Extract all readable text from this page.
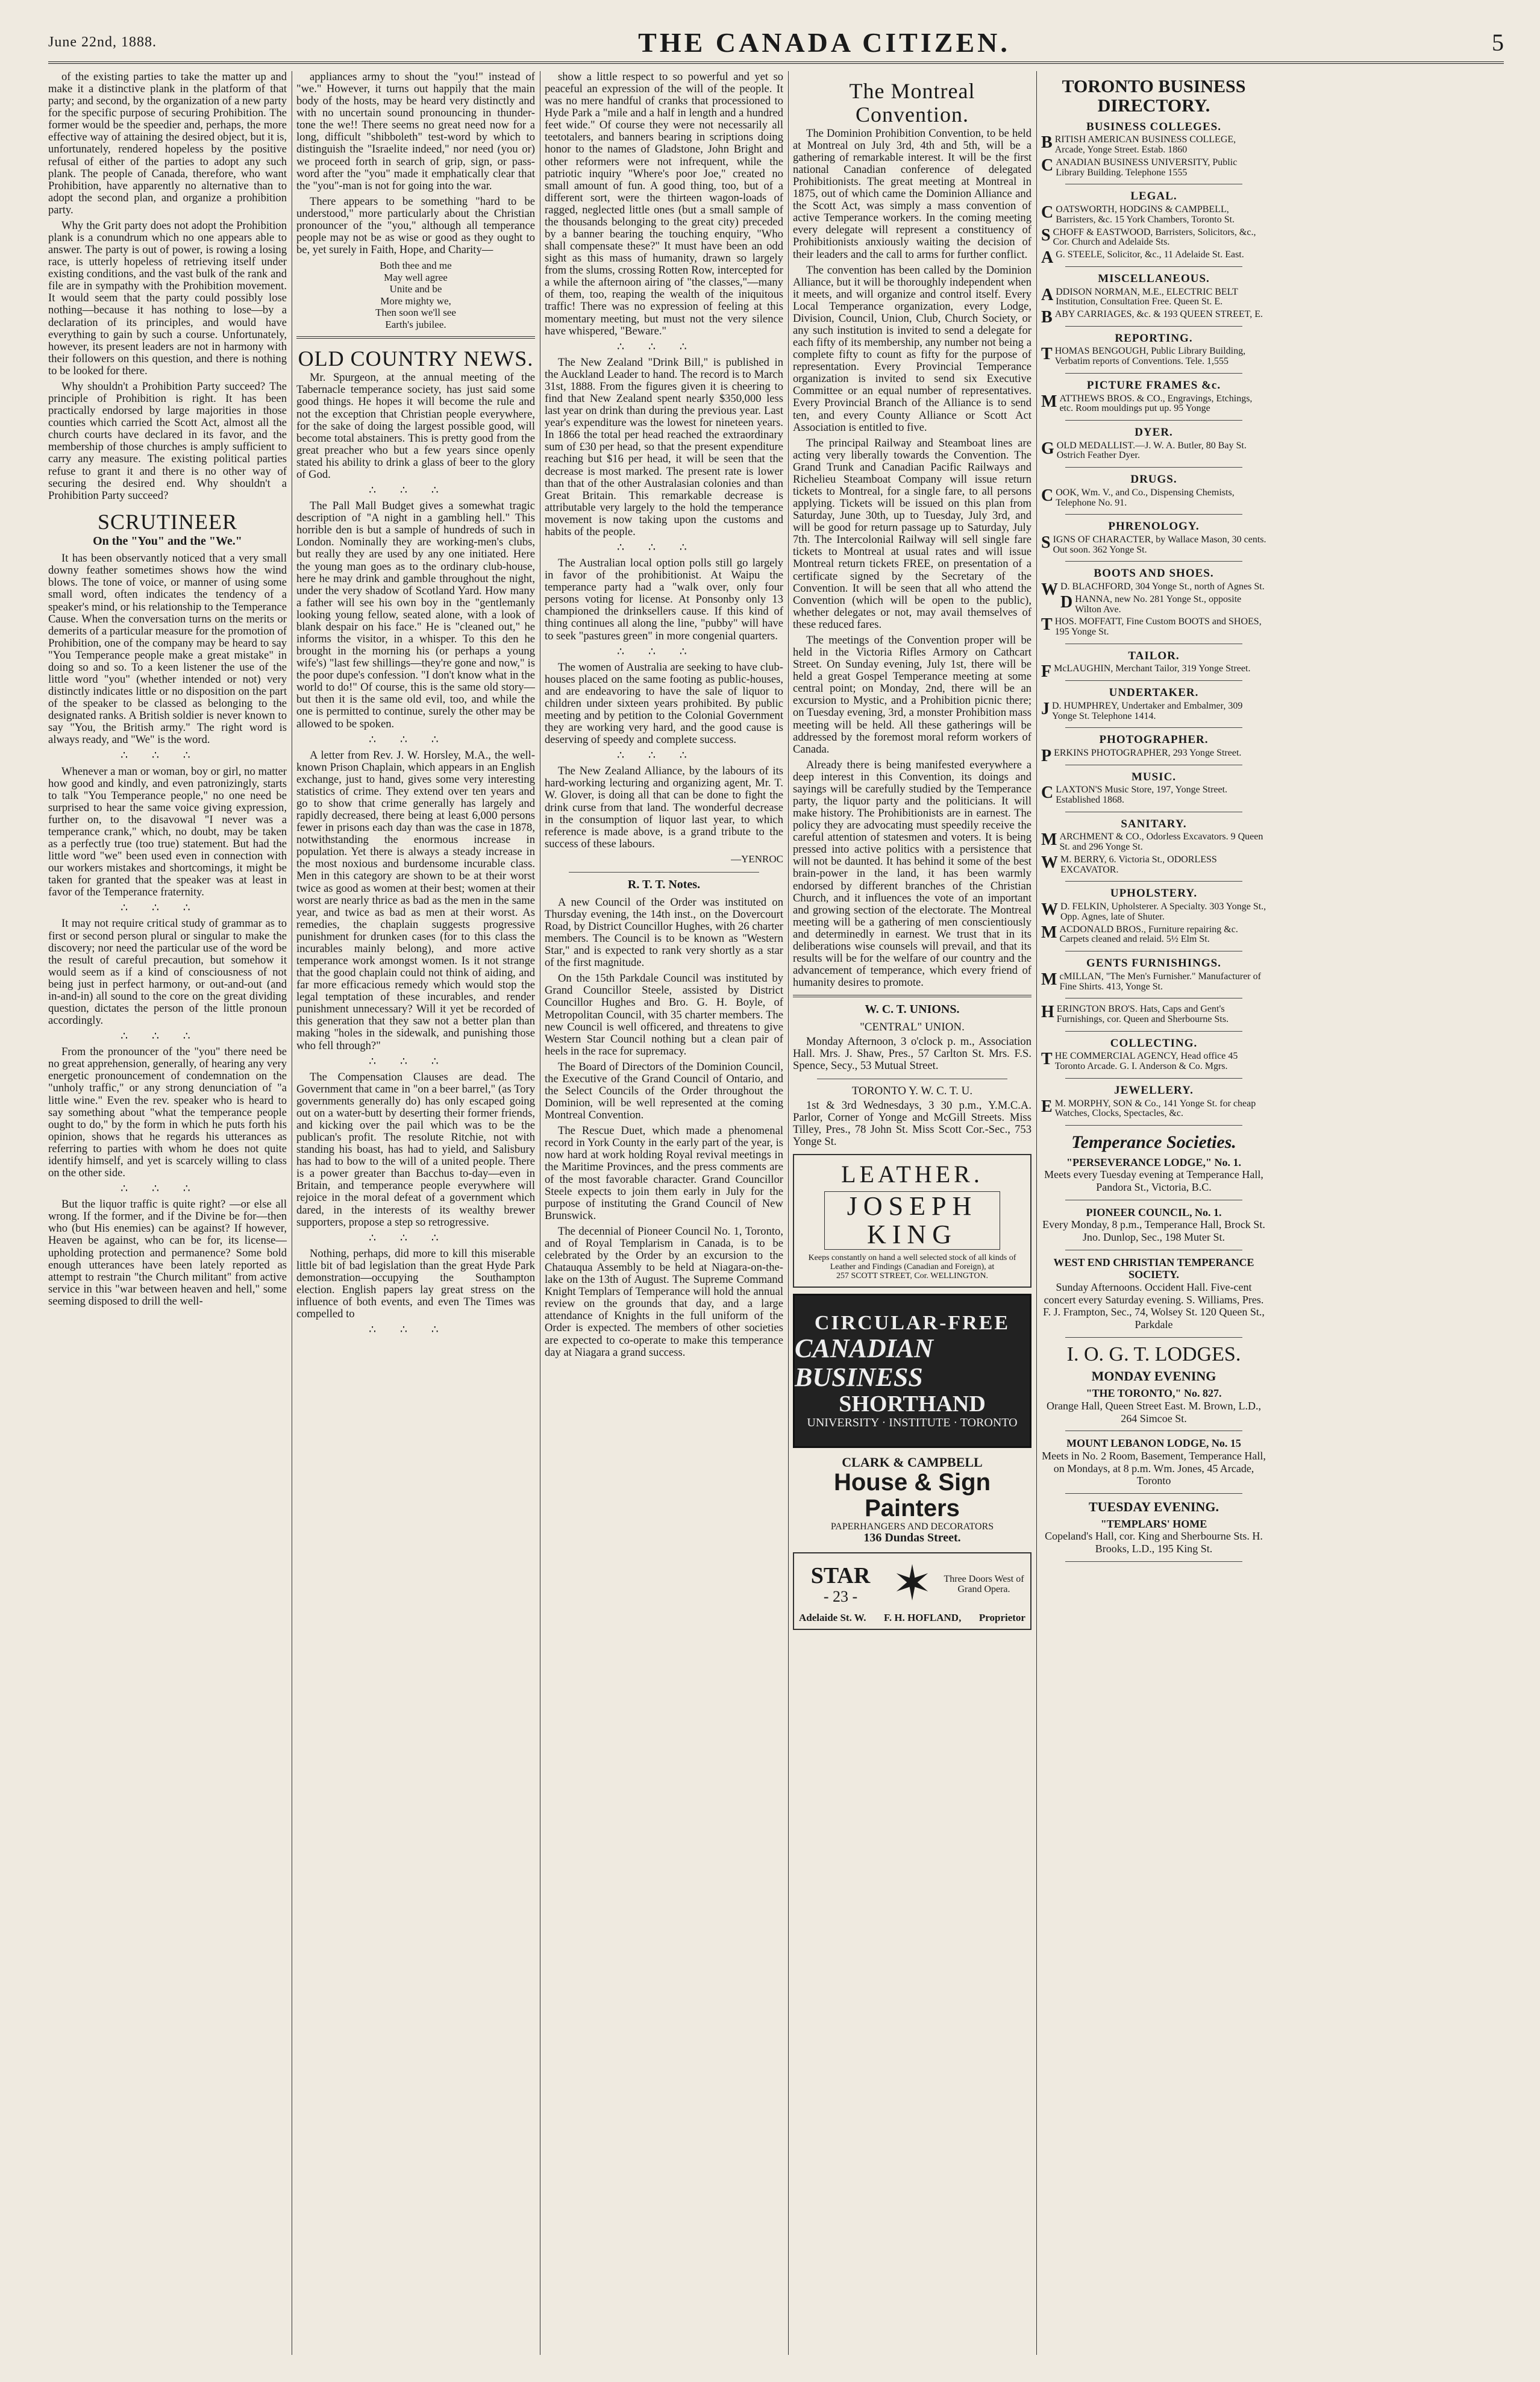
June 22nd, 1888.	THE CANADA CITIZEN.	5

of the existing parties to take the matter up and make it a distinctive plank in the platform of that party; and second, by the organization of a new party for the specific purpose of securing Prohibition. The former would be the speedier and, perhaps, the more effective way of attaining the desired object, but it is, unfortunately, rendered hopeless by the positive refusal of either of the parties to adopt any such plank. The people of Canada, therefore, who want Prohibition, have apparently no alternative than to adopt the second plan, and organize a prohibition party.

Why the Grit party does not adopt the Prohibition plank is a conundrum which no one appears able to answer. The party is out of power, is rowing a losing race, is utterly hopeless of retrieving itself under existing conditions, and the vast bulk of the rank and file are in sympathy with the Prohibition movement. It would seem that the party could possibly lose nothing—because it has nothing to lose—by a declaration of its principles, and would have everything to gain by such a course. Unfortunately, however, its present leaders are not in harmony with their followers on this question, and there is nothing to be looked for there.

Why shouldn't a Prohibition Party succeed? The principle of Prohibition is right. It has been practically endorsed by large majorities in those counties which carried the Scott Act, almost all the church courts have declared in its favor, and the membership of those churches is amply sufficient to carry any measure. The existing political parties refuse to grant it and there is no other way of securing the desired end. Why shouldn't a Prohibition Party succeed?

SCRUTINEER
On the "You" and the "We."

It has been observantly noticed that a very small downy feather sometimes shows how the wind blows. The tone of voice, or manner of using some small word, often indicates the tendency of a speaker's mind, or his relationship to the Temperance Cause. When the conversation turns on the merits or demerits of a particular measure for the promotion of Prohibition, one of the company may be heard to say "You Temperance people make a great mistake" in doing so and so. To a keen listener the use of the little word "you" (whether intended or not) very distinctly indicates little or no disposition on the part of the speaker to be classed as belonging to the designated ranks. A British soldier is never known to say "You, the British army." The right word is always ready, and "We" is the word.

∴∴∴

Whenever a man or woman, boy or girl, no matter how good and kindly, and even patronizingly, starts to talk "You Temperance people," no one need be surprised to hear the same voice giving expression, further on, to the disavowal "I never was a temperance crank," which, no doubt, may be taken as a perfectly true (too true) statement. But had the little word "we" been used even in connection with our workers mistakes and shortcomings, it might be taken for granted that the speaker was at least in favor of the Temperance fraternity.

∴∴∴

It may not require critical study of grammar as to first or second person plural or singular to make the discovery; nor need the particular use of the word be the result of careful precaution, but somehow it would seem as if a kind of consciousness of not being just in perfect harmony, or out-and-out (and in-and-in) all sound to the core on the great dividing question, dictates the person of the little pronoun accordingly.

∴∴∴

From the pronouncer of the "you" there need be no great apprehension, generally, of hearing any very energetic pronouncement of condemnation on the "unholy traffic," or any strong denunciation of "a little wine." Even the rev. speaker who is heard to say something about "what the temperance people ought to do," by the form in which he puts forth his opinion, shows that he regards his utterances as referring to parties with whom he does not quite identify himself, and yet is scarcely willing to class on the other side.

∴∴∴

But the liquor traffic is quite right? —or else all wrong. If the former, and if the Divine be for—then who (but His enemies) can be against? If however, Heaven be against, who can be for, its license—upholding protection and permanence? Some bold enough utterances have been lately reported as attempt to restrain "the Church militant" from active service in this "war between heaven and hell," some seeming disposed to drill the well-

appliances army to shout the "you!" instead of "we." However, it turns out happily that the main body of the hosts, may be heard very distinctly and with no uncertain sound pronouncing in thunder-tone the we!! There seems no great need now for a long, difficult "shibboleth" test-word by which to distinguish the "Israelite indeed," nor need (you or) we proceed forth in search of grip, sign, or pass-word after the "you" made it emphatically clear that the "you"-man is not for going into the war.

There appears to be something "hard to be understood," more particularly about the Christian pronouncer of the "you," although all temperance people may not be as wise or good as they ought to be, yet surely in Faith, Hope, and Charity—

Both thee and me
May well agree
Unite and be
More mighty we,
Then soon we'll see
Earth's jubilee.
OLD COUNTRY NEWS.

Mr. Spurgeon, at the annual meeting of the Tabernacle temperance society, has just said some good things. He hopes it will become the rule and not the exception that Christian people everywhere, for the sake of doing the largest possible good, will become total abstainers. This is pretty good from the great preacher who but a few years since openly stated his ability to drink a glass of beer to the glory of God.

∴∴∴

The Pall Mall Budget gives a somewhat tragic description of "A night in a gambling hell." This horrible den is but a sample of hundreds of such in London. Nominally they are working-men's clubs, but really they are used by any one initiated. Here the young man goes as to the ordinary club-house, here he may drink and gamble throughout the night, under the very shadow of Scotland Yard. How many a father will see his own boy in the "gentlemanly looking young fellow, seated alone, with a look of blank despair on his face." He is "cleaned out," he informs the visitor, in a whisper. To this den he brought in the morning his (or perhaps a young wife's) "last few shillings—they're gone and now," is the poor dupe's confession. "I don't know what in the world to do!" Of course, this is the same old story—but then it is the same old evil, too, and while the one is permitted to continue, surely the other may be allowed to be spoken.

∴∴∴

A letter from Rev. J. W. Horsley, M.A., the well-known Prison Chaplain, which appears in an English exchange, just to hand, gives some very interesting statistics of crime. They extend over ten years and go to show that crime generally has largely and rapidly decreased, there being at least 6,000 persons fewer in prisons each day than was the case in 1878, notwithstanding the enormous increase in population. Yet there is always a steady increase in the most noxious and burdensome incurable class. Men in this category are shown to be at their worst twice as good as women at their best; women at their worst are nearly thrice as bad as the men in the same year, and twice as bad as men at their worst. As remedies, the chaplain suggests progressive punishment for drunken cases (for to this class the incurables mainly belong), and more active temperance work amongst women. Is it not strange that the good chaplain could not think of aiding, and far more efficacious remedy which would stop the legal temptation of these incurables, and render punishment unnecessary? Will it yet be recorded of this generation that they saw not a better plan than making "holes in the sidewalk, and punishing those who fell through?"

∴∴∴

The Compensation Clauses are dead. The Government that came in "on a beer barrel," (as Tory governments generally do) has only escaped going out on a water-butt by deserting their former friends, and kicking over the pail which was to be the publican's profit. The resolute Ritchie, not with standing his boast, has had to yield, and Salisbury has had to bow to the will of a united people. There is a power greater than Bacchus to-day—even in Britain, and temperance people everywhere will rejoice in the moral defeat of a government which dared, in the interests of its wealthy brewer supporters, propose a step so retrogressive.

∴∴∴

Nothing, perhaps, did more to kill this miserable little bit of bad legislation than the great Hyde Park demonstration—occupying the Southampton election. English papers lay great stress on the influence of both events, and even The Times was compelled to

∴∴∴

show a little respect to so powerful and yet so peaceful an expression of the will of the people. It was no mere handful of cranks that processioned to Hyde Park a "mile and a half in length and a hundred feet wide." Of course they were not necessarily all teetotalers, and banners bearing in scriptions doing honor to the names of Gladstone, John Bright and other reformers were not infrequent, while the patriotic inquiry "Where's poor Joe," created no small amount of fun. A good thing, too, but of a different sort, were the thirteen wagon-loads of ragged, neglected little ones (but a small sample of the thousands belonging to the great city) preceded by a banner bearing the touching enquiry, "Who shall compensate these?" It must have been an odd sight as this mass of humanity, drawn so largely from the slums, crossing Rotten Row, intercepted for a while the afternoon airing of "the classes,"—many of them, too, reaping the wealth of the iniquitous traffic! There was no expression of feeling at this momentary meeting, but must not the very silence have whispered, "Beware."

∴∴∴

The New Zealand "Drink Bill," is published in the Auckland Leader to hand. The record is to March 31st, 1888. From the figures given it is cheering to find that New Zealand spent nearly $350,000 less last year on drink than during the previous year. Last year's expenditure was the lowest for nineteen years. In 1866 the total per head reached the extraordinary sum of £30 per head, so that the present expenditure reaching but $16 per head, it will be seen that the decrease is most marked. The present rate is lower than that of the other Australasian colonies and than Great Britain. This remarkable decrease is attributable very largely to the hold the temperance movement is now taking upon the customs and habits of the people.

∴∴∴

The Australian local option polls still go largely in favor of the prohibitionist. At Waipu the temperance party had a "walk over, only four persons voting for license. At Ponsonby only 13 championed the drinksellers cause. If this kind of thing continues all along the line, "pubby" will have to seek "pastures green" in more congenial quarters.

∴∴∴

The women of Australia are seeking to have club-houses placed on the same footing as public-houses, and are endeavoring to have the sale of liquor to children under sixteen years prohibited. By public meeting and by petition to the Colonial Government they are working very hard, and the good cause is deserving of speedy and complete success.

∴∴∴

The New Zealand Alliance, by the labours of its hard-working lecturing and organizing agent, Mr. T. W. Glover, is doing all that can be done to fight the drink curse from that land. The wonderful decrease in the consumption of liquor last year, to which reference is made above, is a grand tribute to the success of these labours.

—YENROC
R. T. T. Notes.

A new Council of the Order was instituted on Thursday evening, the 14th inst., on the Dovercourt Road, by District Councillor Hughes, with 26 charter members. The Council is to be known as "Western Star," and is expected to rank very shortly as a star of the first magnitude.

On the 15th Parkdale Council was instituted by Grand Councillor Steele, assisted by District Councillor Hughes and Bro. G. H. Boyle, of Metropolitan Council, with 35 charter members. The new Council is well officered, and threatens to give Western Star Council nothing but a clean pair of heels in the race for supremacy.

The Board of Directors of the Dominion Council, the Executive of the Grand Council of Ontario, and the Select Councils of the Order throughout the Dominion, will be well represented at the coming Montreal Convention.

The Rescue Duet, which made a phenomenal record in York County in the early part of the year, is now hard at work holding Royal revival meetings in the Maritime Provinces, and the press comments are of the most favorable character. Grand Councillor Steele expects to join them early in July for the purpose of instituting the Grand Council of New Brunswick.

The decennial of Pioneer Council No. 1, Toronto, and of Royal Templarism in Canada, is to be celebrated by the Order by an excursion to the Chatauqua Assembly to be held at Niagara-on-the-lake on the 13th of August. The Supreme Command Knight Templars of Temperance will hold the annual review on the grounds that day, and a large attendance of Knights in the full uniform of the Order is expected. The members of other societies are expected to co-operate to make this temperance day at Niagara a grand success.

The Montreal Convention.

The Dominion Prohibition Convention, to be held at Montreal on July 3rd, 4th and 5th, will be a gathering of remarkable interest. It will be the first national Canadian conference of delegated Prohibitionists. The great meeting at Montreal in 1875, out of which came the Dominion Alliance and the Scott Act, was simply a mass convention of active Temperance workers. In the coming meeting every delegate will represent a constituency of Prohibitionists anxiously waiting the decision of their leaders and the call to arms for further conflict.

The convention has been called by the Dominion Alliance, but it will be thoroughly independent when it meets, and will organize and control itself. Every Local Temperance organization, every Lodge, Division, Council, Union, Club, Church Society, or any such institution is invited to send a delegate for each fifty of its membership, any number not being a complete fifty to count as fifty for the purpose of representation. Every Provincial Temperance organization is invited to send six Executive Committee or an equal number of representatives. Every Provincial Branch of the Alliance is to send ten, and every County Alliance or Scott Act Association is entitled to five.

The principal Railway and Steamboat lines are acting very liberally towards the Convention. The Grand Trunk and Canadian Pacific Railways and Richelieu Steamboat Company will issue return tickets to Montreal, for a single fare, to all persons applying. Tickets will be issued on this plan from Saturday, June 30th, up to Tuesday, July 3rd, and will be good for return passage up to Saturday, July 7th. The Intercolonial Railway will sell single fare tickets to Montreal at usual rates and will issue Montreal return tickets FREE, on presentation of a certificate signed by the Secretary of the Convention. It will be seen that all who attend the Convention (which will be open to the public), whether delegates or not, may avail themselves of these reduced fares.

The meetings of the Convention proper will be held in the Victoria Rifles Armory on Cathcart Street. On Sunday evening, July 1st, there will be held a great Gospel Temperance meeting at some central point; on Monday, 2nd, there will be an excursion to Mystic, and a Prohibition picnic there; on Tuesday evening, 3rd, a monster Prohibition mass meeting will be held. All these gatherings will be addressed by the foremost moral reform workers of Canada.

Already there is being manifested everywhere a deep interest in this Convention, its doings and sayings will be carefully studied by the Temperance party, the liquor party and the politicians. It will make history. The Prohibitionists are in earnest. The policy they are advocating must speedily receive the careful attention of statesmen and voters. It is being pressed into active politics with a persistence that will not be daunted. It has behind it some of the best brain-power in the land, it has been warmly endorsed by different branches of the Christian Church, and it influences the vote of an important and growing section of the electorate. The Montreal meeting will be a gathering of men conscientiously and determinedly in earnest. We trust that in its deliberations wise counsels will prevail, and that its results will be for the welfare of our country and the advancement of temperance, which every friend of humanity desires to promote.

W. C. T. UNIONS.
"CENTRAL" UNION.

Monday Afternoon, 3 o'clock p. m., Association Hall. Mrs. J. Shaw, Pres., 57 Carlton St. Mrs. F.S. Spence, Secy., 53 Mutual Street.

TORONTO Y. W. C. T. U.

1st & 3rd Wednesdays, 3 30 p.m., Y.M.C.A. Parlor, Corner of Yonge and McGill Streets. Miss Tilley, Pres., 78 John St. Miss Scott Cor.-Sec., 753 Yonge St.

LEATHER.
JOSEPH KING
Keeps constantly on hand a well selected stock of all kinds of Leather and Findings (Canadian and Foreign), at
257 SCOTT STREET, Cor. WELLINGTON.
CIRCULAR-FREE
CANADIAN BUSINESS
SHORTHAND
UNIVERSITY · INSTITUTE · TORONTO
CLARK & CAMPBELL
House & Sign Painters
PAPERHANGERS AND DECORATORS
136 Dundas Street.
STAR
- 23 - ✶	Three Doors West of Grand Opera.
Adelaide St. W. F. H. HOFLAND, Proprietor
TORONTO BUSINESS DIRECTORY.
BUSINESS COLLEGES.
BRITISH AMERICAN BUSINESS COLLEGE, Arcade, Yonge Street. Estab. 1860
CANADIAN BUSINESS UNIVERSITY, Public Library Building. Telephone 1555
LEGAL.
COATSWORTH, HODGINS & CAMPBELL, Barristers, &c. 15 York Chambers, Toronto St.
SCHOFF & EASTWOOD, Barristers, Solicitors, &c., Cor. Church and Adelaide Sts.
A G. STEELE, Solicitor, &c., 11 Adelaide St. East.
MISCELLANEOUS.
ADDISON NORMAN, M.E., ELECTRIC BELT Institution, Consultation Free. Queen St. E.
BABY CARRIAGES, &c. & 193 QUEEN STREET, E.
REPORTING.
THOMAS BENGOUGH, Public Library Building, Verbatim reports of Conventions. Tele. 1,555
PICTURE FRAMES &c.
MATTHEWS BROS. & CO., Engravings, Etchings, etc. Room mouldings put up. 95 Yonge
DYER.
GOLD MEDALLIST.—J. W. A. Butler, 80 Bay St. Ostrich Feather Dyer.
DRUGS.
COOK, Wm. V., and Co., Dispensing Chemists, Telephone No. 91.
PHRENOLOGY.
SIGNS OF CHARACTER, by Wallace Mason, 30 cents. Out soon. 362 Yonge St.
BOOTS AND SHOES.
W D. BLACHFORD, 304 Yonge St., north of Agnes St.
DHANNA, new No. 281 Yonge St., opposite Wilton Ave.
THOS. MOFFATT, Fine Custom BOOTS and SHOES, 195 Yonge St.
TAILOR.
F McLAUGHIN, Merchant Tailor, 319 Yonge Street.
UNDERTAKER.
J D. HUMPHREY, Undertaker and Embalmer, 309 Yonge St. Telephone 1414.
PHOTOGRAPHER.
PERKINS PHOTOGRAPHER, 293 Yonge Street.
MUSIC.
CLAXTON'S Music Store, 197, Yonge Street. Established 1868.
SANITARY.
MARCHMENT & CO., Odorless Excavators. 9 Queen St. and 296 Yonge St.
W M. BERRY, 6. Victoria St., ODORLESS EXCAVATOR.
UPHOLSTERY.
W D. FELKIN, Upholsterer. A Specialty. 303 Yonge St., Opp. Agnes, late of Shuter.
MACDONALD BROS., Furniture repairing &c. Carpets cleaned and relaid. 5½ Elm St.
GENTS FURNISHINGS.
McMILLAN, "The Men's Furnisher." Manufacturer of Fine Shirts. 413, Yonge St.
HERINGTON BRO'S. Hats, Caps and Gent's Furnishings, cor. Queen and Sherbourne Sts.
COLLECTING.
THE COMMERCIAL AGENCY, Head office 45 Toronto Arcade. G. I. Anderson & Co. Mgrs.
JEWELLERY.
E M. MORPHY, SON & Co., 141 Yonge St. for cheap Watches, Clocks, Spectacles, &c.
Temperance Societies.
"PERSEVERANCE LODGE," No. 1.
Meets every Tuesday evening at Temperance Hall, Pandora St., Victoria, B.C.
PIONEER COUNCIL, No. 1.
Every Monday, 8 p.m., Temperance Hall, Brock St. Jno. Dunlop, Sec., 198 Muter St.
WEST END CHRISTIAN TEMPERANCE SOCIETY.
Sunday Afternoons. Occident Hall. Five-cent concert every Saturday evening. S. Williams, Pres. F. J. Frampton, Sec., 74, Wolsey St. 120 Queen St., Parkdale
I. O. G. T. LODGES.
MONDAY EVENING
"THE TORONTO," No. 827.
Orange Hall, Queen Street East. M. Brown, L.D., 264 Simcoe St.
MOUNT LEBANON LODGE, No. 15
Meets in No. 2 Room, Basement, Temperance Hall, on Mondays, at 8 p.m. Wm. Jones, 45 Arcade, Toronto
TUESDAY EVENING.
"TEMPLARS' HOME
Copeland's Hall, cor. King and Sherbourne Sts. H. Brooks, L.D., 195 King St.
